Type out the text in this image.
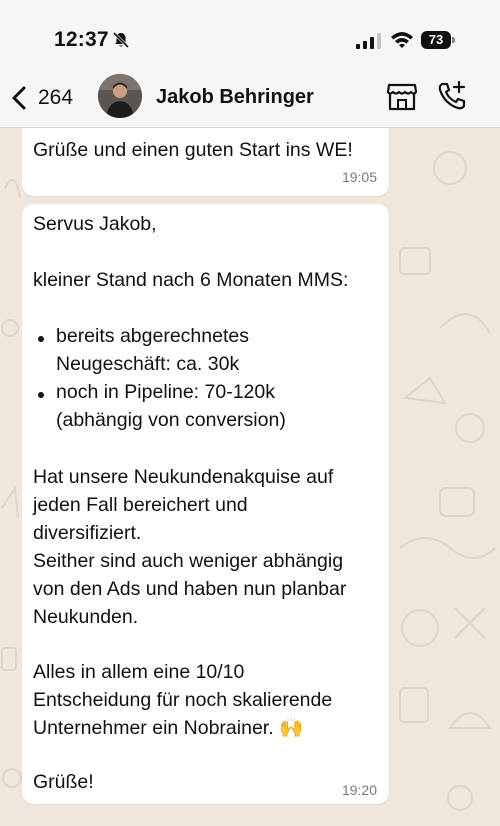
12:37	73
264	Jakob Behringer
Grüße und einen guten Start ins WE!
19:05
Servus Jakob,
kleiner Stand nach 6 Monaten MMS:
bereits abgerechnetes
Neugeschäft: ca. 30k
noch in Pipeline: 70-120k
(abhängig von conversion)
Hat unsere Neukundenakquise auf
jeden Fall bereichert und
diversifiziert.
Seither sind auch weniger abhängig
von den Ads und haben nun planbar
Neukunden.
Alles in allem eine 10/10
Entscheidung für noch skalierende
Unternehmer ein Nobrainer. 🙌
Grüße!	19:20
